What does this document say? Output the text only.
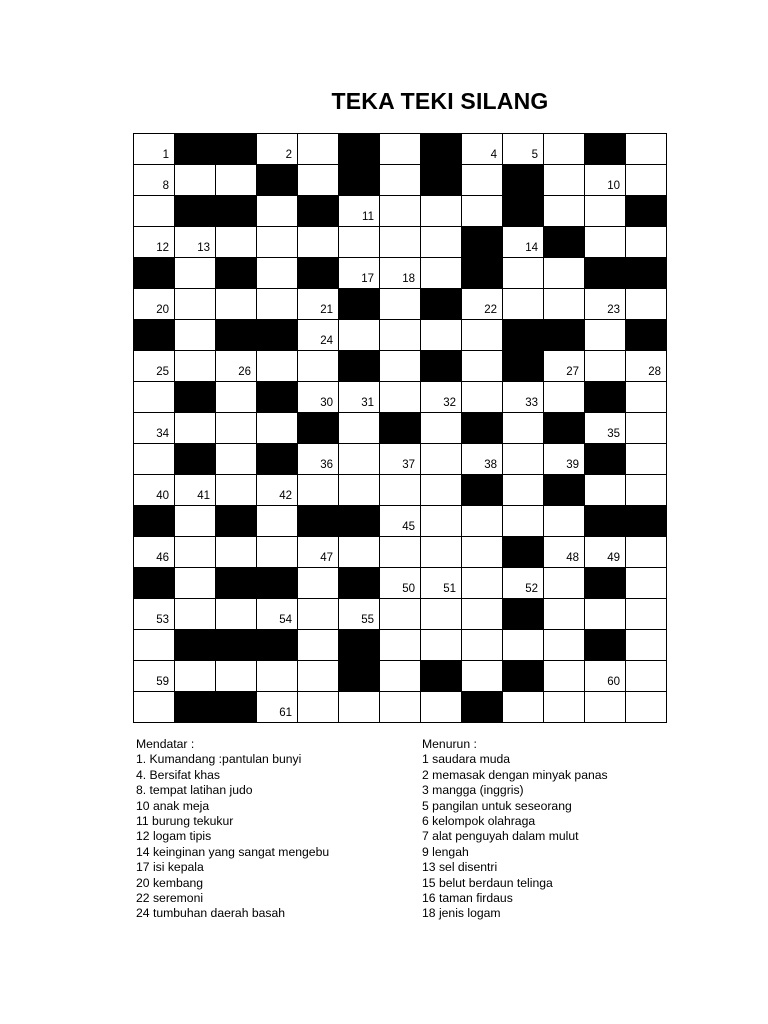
TEKA TEKI SILANG
1	2	4	5
8	10
11
12 13	14
17 18
20	21	22	23
24
25	26	27	28
30 31	32	33
34	35
36	37	38	39
40 41	42
45
46	47	48 49
50 51	52
53	54	55
59	60
61
Mendatar :
1. Kumandang :pantulan bunyi
4. Bersifat khas
8. tempat latihan judo
10 anak meja
11 burung tekukur
12 logam tipis
14 keinginan yang sangat mengebu
17 isi kepala
20 kembang
22 seremoni
24 tumbuhan daerah basah
Menurun :
1 saudara muda
2 memasak dengan minyak panas
3 mangga (inggris)
5 pangilan untuk seseorang
6 kelompok olahraga
7 alat penguyah dalam mulut
9 lengah
13 sel disentri
15 belut berdaun telinga
16 taman firdaus
18 jenis logam
